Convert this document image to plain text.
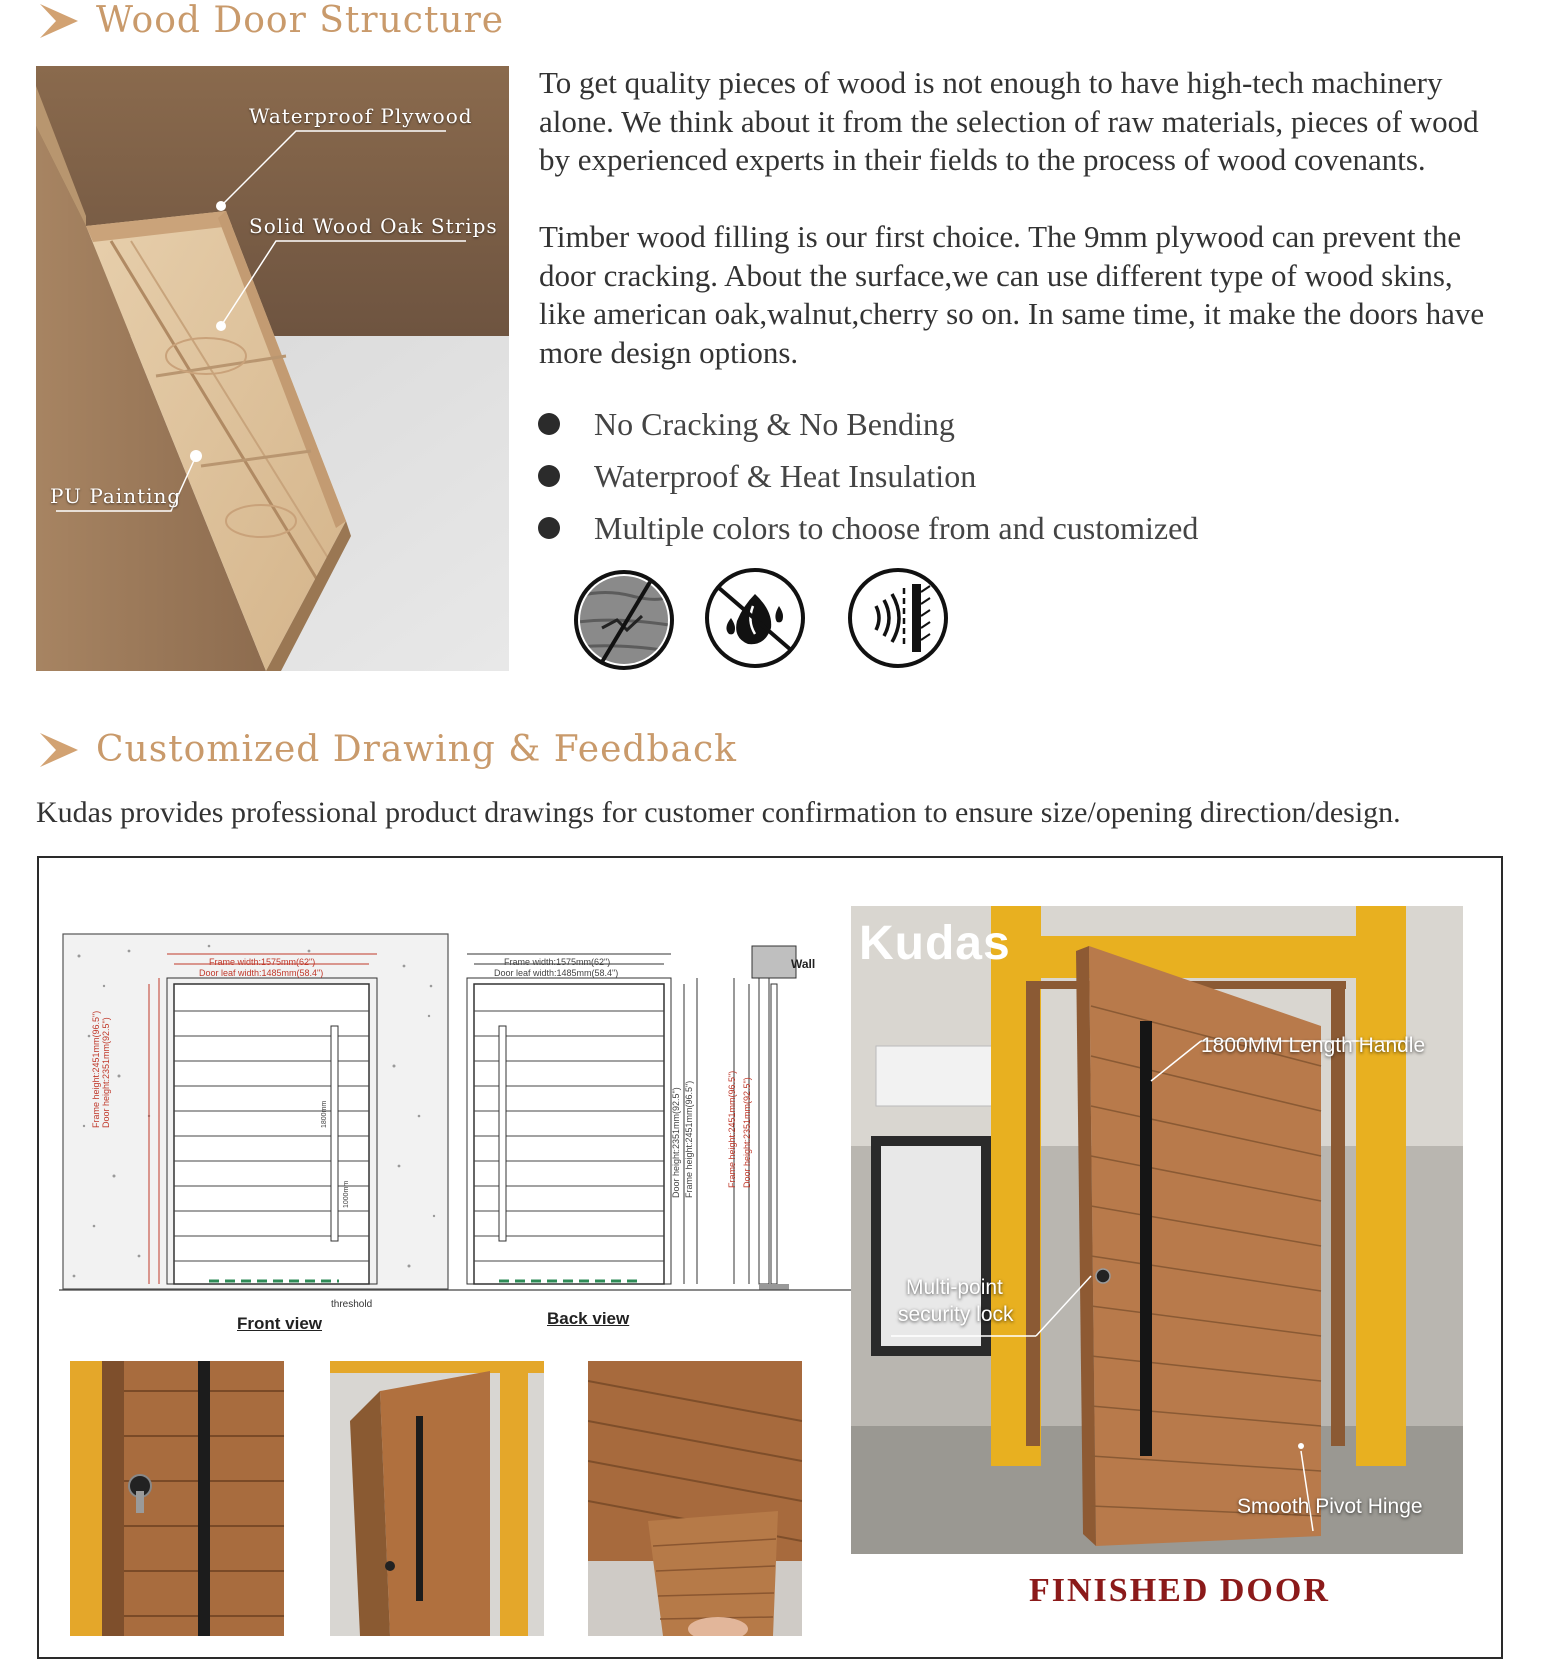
Wood Door Structure
Waterproof Plywood
Solid Wood Oak Strips
PU Painting
To get quality pieces of wood is not enough to have high-tech machinery alone. We think about it from the selection of raw materials, pieces of wood by experienced experts in their fields to the process of wood covenants.
Timber wood filling is our first choice. The 9mm plywood can prevent the door cracking. About the surface,we can use different type of wood skins, like american oak,walnut,cherry so on. In same time, it make the doors have more design options.
No Cracking & No Bending
Waterproof & Heat Insulation
Multiple colors to choose from and customized
Customized Drawing & Feedback
Kudas provides professional product drawings for customer confirmation to ensure size/opening direction/design.
Wall
Frame width:1575mm(62")
Door leaf width:1485mm(58.4")
Frame width:1575mm(62")
Door leaf width:1485mm(58.4")
Frame height:2451mm(96.5") Door height:2351mm(92.5")
Door height:2351mm(92.5") Frame height:2451mm(96.5")	Frame height:2451mm(96.5") Door height:2351mm(92.5")
1800mm
1000mm
threshold
Front view	Back view
Kudas
1800MM Length Handle
Multi-point
security lock
Smooth Pivot Hinge
FINISHED DOOR
